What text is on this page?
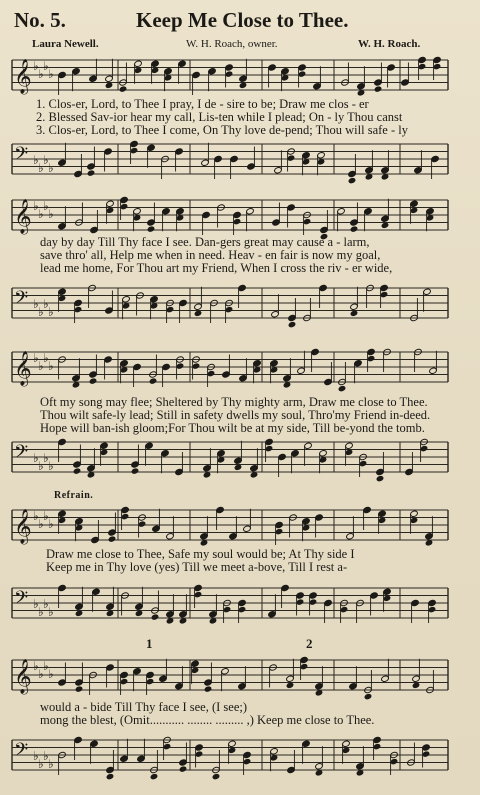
No. 5.	Keep Me Close to Thee.
Laura Newell.	W. H. Roach, owner.	W. H. Roach.
𝄞 ♭
♭
♭
♭
1. Clos-er, Lord, to Thee I pray, I de - sire to be; Draw me clos - er
2. Blessed Sav-ior hear my call, Lis-ten while I plead; On - ly Thou canst
3. Clos-er, Lord, to Thee I come, On Thy love de-pend; Thou will safe - ly
𝄢 ♭
♭
♭
♭
𝄞 ♭
♭
♭
♭
day by day Till Thy face I see. Dan-gers great may cause a - larm,
save thro' all, Help me when in need. Heav - en fair is now my goal,
lead me home, For Thou art my Friend, When I cross the riv - er wide,
𝄢 ♭
♭
♭
♭
𝄞 ♭
♭
♭
♭
Oft my song may flee; Sheltered by Thy mighty arm, Draw me close to Thee.
Thou wilt safe-ly lead; Still in safety dwells my soul, Thro'my Friend in-deed.
Hope will ban-ish gloom;For Thou wilt be at my side, Till be-yond the tomb.
𝄢 ♭
♭
♭
♭
Refrain.
𝄞 ♭
♭
♭
♭
Draw me close to Thee, Safe my soul would be; At Thy side I
Keep me in Thy love (yes) Till we meet a-bove, Till I rest a-
𝄢 ♭
♭
♭
♭
1	2
𝄞 ♭
♭
♭
♭
would a - bide Till Thy face I see, (I see;)
mong the blest, (Omit........... ........ ......... ,) Keep me close to Thee.
𝄢 ♭
♭
♭
♭
